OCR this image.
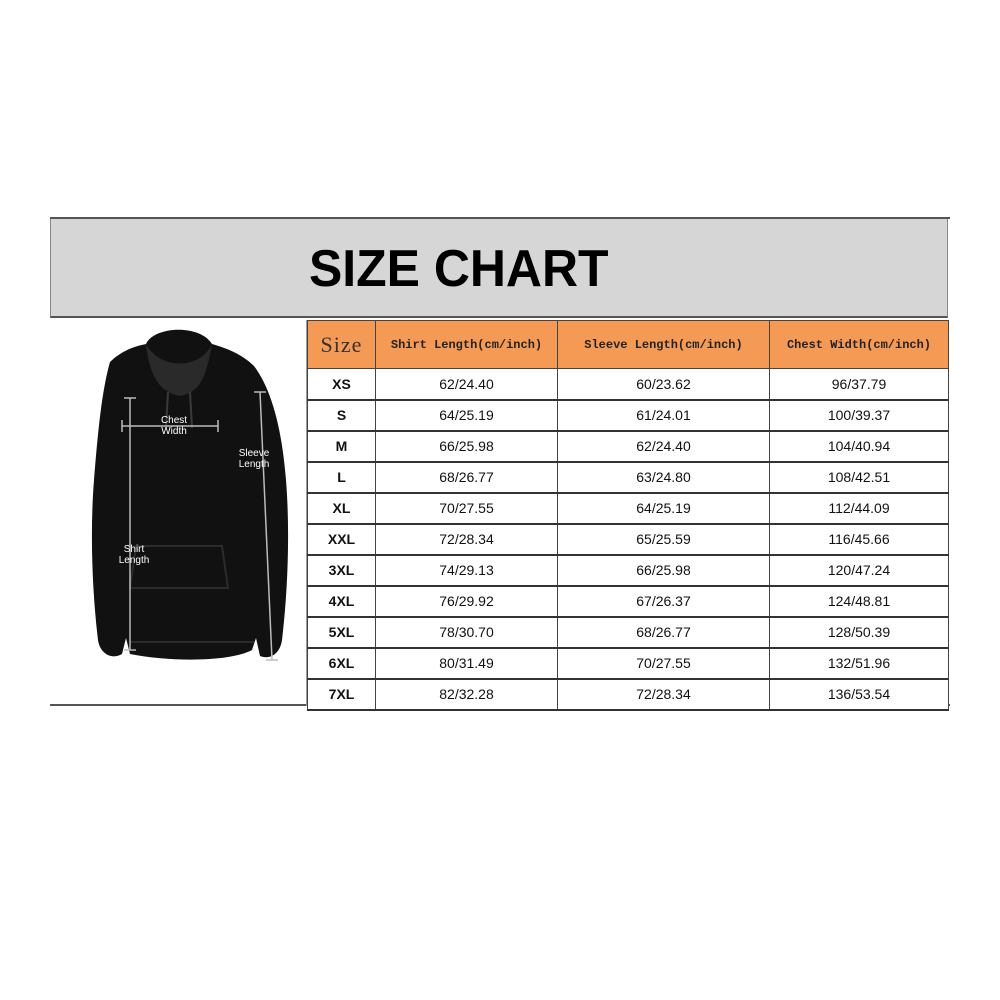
SIZE CHART
Chest
Width
Sleeve
Length
Shirt
Length
Size	Shirt Length(cm/inch)	Sleeve Length(cm/inch)	Chest Width(cm/inch)
XS	62/24.40	60/23.62	96/37.79
S	64/25.19	61/24.01	100/39.37
M	66/25.98	62/24.40	104/40.94
L	68/26.77	63/24.80	108/42.51
XL	70/27.55	64/25.19	112/44.09
XXL	72/28.34	65/25.59	116/45.66
3XL	74/29.13	66/25.98	120/47.24
4XL	76/29.92	67/26.37	124/48.81
5XL	78/30.70	68/26.77	128/50.39
6XL	80/31.49	70/27.55	132/51.96
7XL	82/32.28	72/28.34	136/53.54
